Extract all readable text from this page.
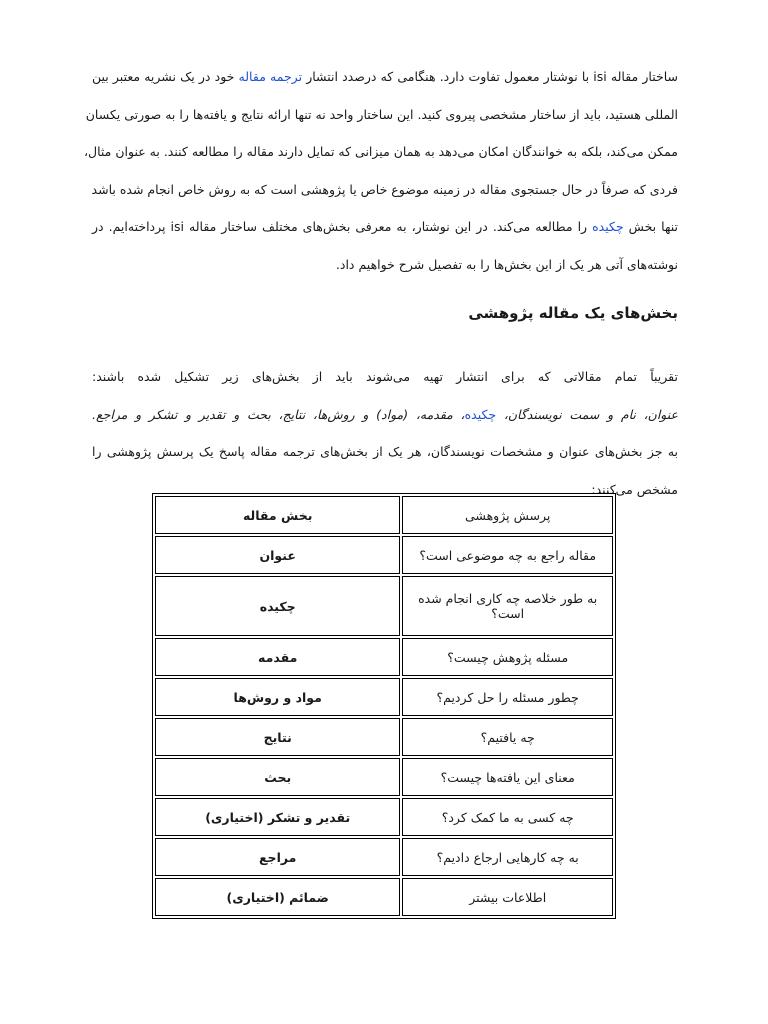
ساختار مقاله isi با نوشتار معمول تفاوت دارد. هنگامی که درصدد انتشار ترجمه مقاله خود در یک نشریه معتبر بین
المللی هستید، باید از ساختار مشخصی پیروی کنید. این ساختار واحد نه تنها ارائه نتایج و یافته‌ها را به صورتی یکسان
ممکن می‌کند، بلکه به خوانندگان امکان می‌دهد به همان میزانی که تمایل دارند مقاله را مطالعه کنند. به عنوان مثال،
فردی که صرفاً در حال جستجوی مقاله در زمینه موضوع خاص یا پژوهشی است که به روش خاص انجام شده باشد
تنها بخش چکیده را مطالعه می‌کند. در این نوشتار، به معرفی بخش‌های مختلف ساختار مقاله isi پرداخته‌ایم. در
نوشته‌های آتی هر یک از این بخش‌ها را به تفصیل شرح خواهیم داد.
بخش‌های یک مقاله پژوهشی
تقریباً تمام مقالاتی که برای انتشار تهیه می‌شوند باید از بخش‌های زیر تشکیل شده باشند:
عنوان، نام و سمت نویسندگان، چکیده، مقدمه، (مواد) و روش‌ها، نتایج، بحث و تقدیر و تشکر و مراجع.
به جز بخش‌های عنوان و مشخصات نویسندگان، هر یک از بخش‌های ترجمه مقاله پاسخ یک پرسش پژوهشی را
مشخص می‌کنند:
پرسش پژوهشی	بخش مقاله
مقاله راجع به چه موضوعی است؟	عنوان
به طور خلاصه چه کاری انجام شده است؟	چکیده
مسئله پژوهش چیست؟	مقدمه
چطور مسئله را حل کردیم؟	مواد و روش‌ها
چه یافتیم؟	نتایج
معنای این یافته‌ها چیست؟	بحث
چه کسی به ما کمک کرد؟	تقدیر و تشکر (اختیاری)
به چه کارهایی ارجاع دادیم؟	مراجع
اطلاعات بیشتر	ضمائم (اختیاری)
